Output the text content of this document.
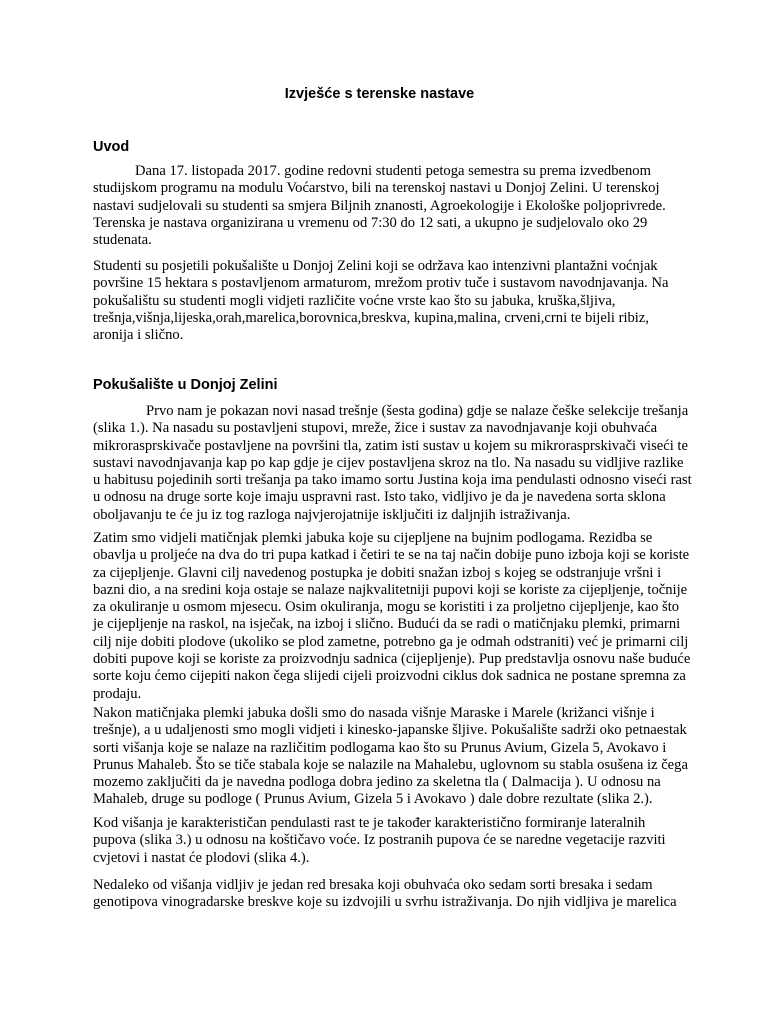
Izvješće s terenske nastave
Uvod

Dana 17. listopada 2017. godine redovni studenti petoga semestra su prema izvedbenom
studijskom programu na modulu Voćarstvo, bili na terenskoj nastavi u Donjoj Zelini. U terenskoj
nastavi sudjelovali su studenti sa smjera Biljnih znanosti, Agroekologije i Ekološke poljoprivrede.
Terenska je nastava organizirana u vremenu od 7:30 do 12 sati, a ukupno je sudjelovalo oko 29
studenata.

Studenti su posjetili pokušalište u Donjoj Zelini koji se održava kao intenzivni plantažni voćnjak
površine 15 hektara s postavljenom armaturom, mrežom protiv tuče i sustavom navodnjavanja. Na
pokušalištu su studenti mogli vidjeti različite voćne vrste kao što su jabuka, kruška,šljiva,
trešnja,višnja,lijeska,orah,marelica,borovnica,breskva, kupina,malina, crveni,crni te bijeli ribiz,
aronija i slično.

Pokušalište u Donjoj Zelini

Prvo nam je pokazan novi nasad trešnje (šesta godina) gdje se nalaze češke selekcije trešanja
(slika 1.). Na nasadu su postavljeni stupovi, mreže, žice i sustav za navodnjavanje koji obuhvaća
mikrorasprskivače postavljene na površini tla, zatim isti sustav u kojem su mikrorasprskivači viseći te
sustavi navodnjavanja kap po kap gdje je cijev postavljena skroz na tlo. Na nasadu su vidljive razlike
u habitusu pojedinih sorti trešanja pa tako imamo sortu Justina koja ima pendulasti odnosno viseći rast
u odnosu na druge sorte koje imaju uspravni rast. Isto tako, vidljivo je da je navedena sorta sklona
obolјavanju te će ju iz tog razloga najvjerojatnije isključiti iz daljnjih istraživanja.

Zatim smo vidjeli matičnjak plemki jabuka koje su cijepljene na bujnim podlogama. Rezidba se
obavlja u proljeće na dva do tri pupa katkad i četiri te se na taj način dobije puno izboja koji se koriste
za cijepljenje. Glavni cilj navedenog postupka je dobiti snažan izboj s kojeg se odstranjuje vršni i
bazni dio, a na sredini koja ostaje se nalaze najkvalitetniji pupovi koji se koriste za cijepljenje, točnije
za okuliranje u osmom mjesecu. Osim okuliranja, mogu se koristiti i za proljetno cijepljenje, kao što
je cijepljenje na raskol, na isječak, na izboj i slično. Budući da se radi o matičnjaku plemki, primarni
cilj nije dobiti plodove (ukoliko se plod zametne, potrebno ga je odmah odstraniti) već je primarni cilj
dobiti pupove koji se koriste za proizvodnju sadnica (cijepljenje). Pup predstavlja osnovu naše buduće
sorte koju ćemo cijepiti nakon čega slijedi cijeli proizvodni ciklus dok sadnica ne postane spremna za
prodaju.

Nakon matičnjaka plemki jabuka došli smo do nasada višnje Maraske i Marele (križanci višnje i
trešnje), a u udaljenosti smo mogli vidjeti i kinesko-japanske šljive. Pokušalište sadrži oko petnaestak
sorti višanja koje se nalaze na različitim podlogama kao što su Prunus Avium, Gizela 5, Avokavo i
Prunus Mahaleb. Što se tiče stabala koje se nalazile na Mahalebu, uglovnom su stabla osušena iz čega
mozemo zaključiti da je navedna podloga dobra jedino za skeletna tla ( Dalmacija ). U odnosu na
Mahaleb, druge su podloge ( Prunus Avium, Gizela 5 i Avokavo ) dale dobre rezultate (slika 2.).

Kod višanja je karakterističan pendulasti rast te je također karakteristično formiranje lateralnih
pupova (slika 3.) u odnosu na koštičavo voće. Iz postranih pupova će se naredne vegetacije razviti
cvjetovi i nastat će plodovi (slika 4.).

Nedaleko od višanja vidljiv je jedan red bresaka koji obuhvaća oko sedam sorti bresaka i sedam
genotipova vinogradarske breskve koje su izdvojili u svrhu istraživanja. Do njih vidljiva je marelica
